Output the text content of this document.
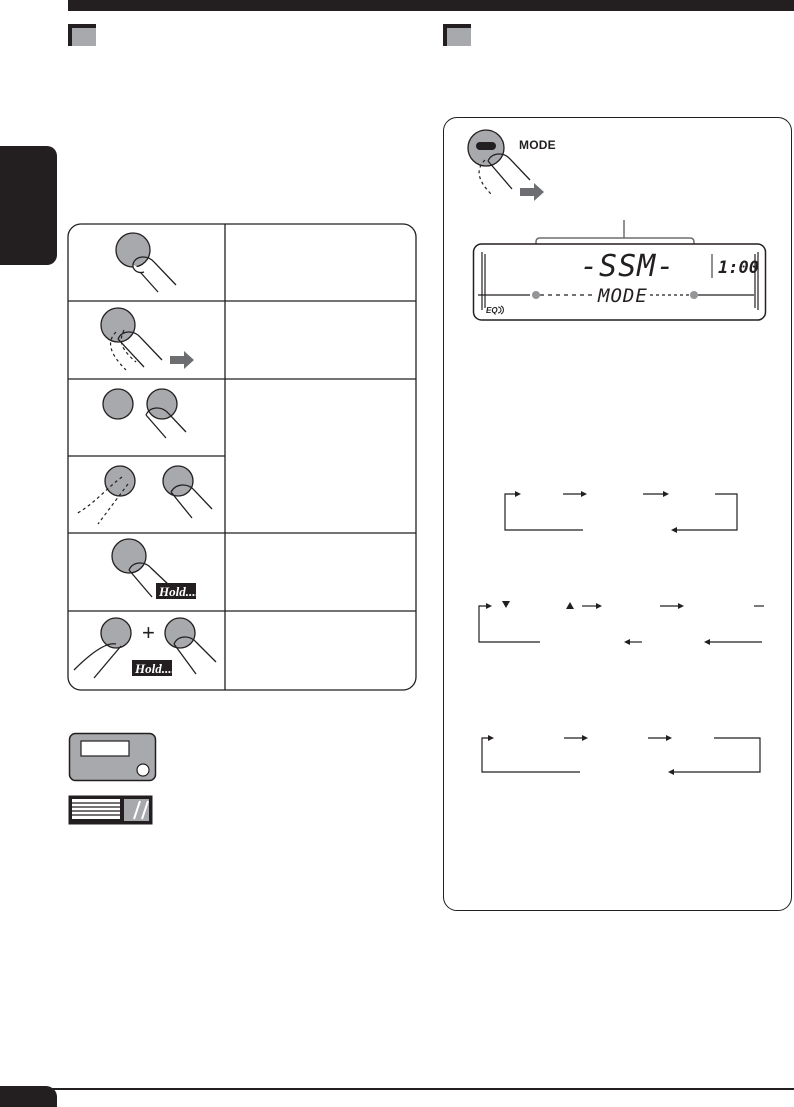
Hold....
+
Hold....
MODE
-SSM-
MODE
1:00
EQ
